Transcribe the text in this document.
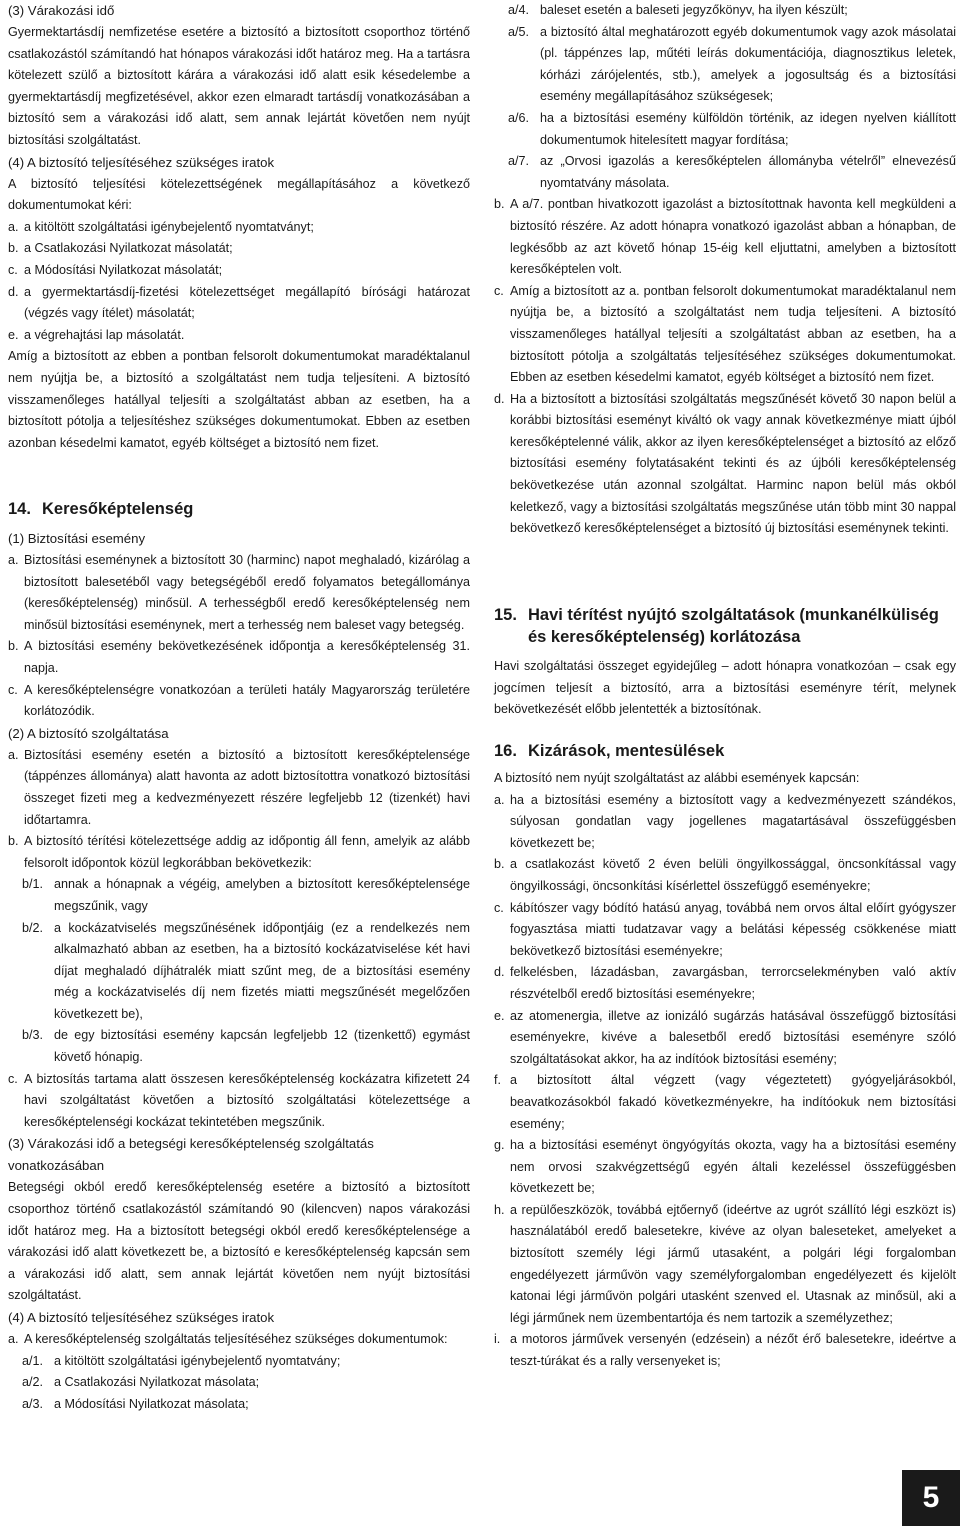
(3) Várakozási idő

Gyermektartásdíj nemfizetése esetére a biztosító a biztosított csoporthoz történő csatlakozástól számítandó hat hónapos várakozási időt határoz meg. Ha a tartásra kötelezett szülő a biztosított kárára a várakozási idő alatt esik késedelembe a gyermektartásdíj megfizetésével, akkor ezen elmaradt tartásdíj vonatkozásában a biztosító sem a várakozási idő alatt, sem annak lejártát követően nem nyújt biztosítási szolgáltatást.

(4) A biztosító teljesítéséhez szükséges iratok

A biztosító teljesítési kötelezettségének megállapításához a következő dokumentumokat kéri:

a. a kitöltött szolgáltatási igénybejelentő nyomtatványt;
b. a Csatlakozási Nyilatkozat másolatát;
c. a Módosítási Nyilatkozat másolatát;
d. a gyermektartásdíj-fizetési kötelezettséget megállapító bírósági határozat (végzés vagy ítélet) másolatát;
e. a végrehajtási lap másolatát.

Amíg a biztosított az ebben a pontban felsorolt dokumentumokat maradéktalanul nem nyújtja be, a biztosító a szolgáltatást nem tudja teljesíteni. A biztosító visszamenőleges hatállyal teljesíti a szolgáltatást abban az esetben, ha a biztosított pótolja a teljesítéshez szükséges dokumentumokat. Ebben az esetben azonban késedelmi kamatot, egyéb költséget a biztosító nem fizet.

14. Keresőképtelenség
(1) Biztosítási esemény
a. Biztosítási eseménynek a biztosított 30 (harminc) napot meghaladó, kizárólag a biztosított balesetéből vagy betegségéből eredő folyamatos betegállománya (keresőképtelenség) minősül. A terhességből eredő keresőképtelenség nem minősül biztosítási eseménynek, mert a terhesség nem baleset vagy betegség.
b. A biztosítási esemény bekövetkezésének időpontja a keresőképtelenség 31. napja.
c. A keresőképtelenségre vonatkozóan a területi hatály Magyarország területére korlátozódik.
(2) A biztosító szolgáltatása
a. Biztosítási esemény esetén a biztosító a biztosított keresőképtelensége (táppénzes állománya) alatt havonta az adott biztosítottra vonatkozó biztosítási összeget fizeti meg a kedvezményezett részére legfeljebb 12 (tizenkét) havi időtartamra.
b. A biztosító térítési kötelezettsége addig az időpontig áll fenn, amelyik az alább felsorolt időpontok közül legkorábban bekövetkezik:
b/1. annak a hónapnak a végéig, amelyben a biztosított keresőképtelensége megszűnik, vagy
b/2. a kockázatviselés megszűnésének időpontjáig (ez a rendelkezés nem alkalmazható abban az esetben, ha a biztosító kockázatviselése két havi díjat meghaladó díjhátralék miatt szűnt meg, de a biztosítási esemény még a kockázatviselés díj nem fizetés miatti megszűnését megelőzően következett be),
b/3. de egy biztosítási esemény kapcsán legfeljebb 12 (tizenkettő) egymást követő hónapig.
c. A biztosítás tartama alatt összesen keresőképtelenség kockázatra kifizetett 24 havi szolgáltatást követően a biztosító szolgáltatási kötelezettsége a keresőképtelenségi kockázat tekintetében megszűnik.
(3) Várakozási idő a betegségi keresőképtelenség szolgáltatás vonatkozásában

Betegségi okból eredő keresőképtelenség esetére a biztosító a biztosított csoporthoz történő csatlakozástól számítandó 90 (kilencven) napos várakozási időt határoz meg. Ha a biztosított betegségi okból eredő keresőképtelensége a várakozási idő alatt következett be, a biztosító e keresőképtelenség kapcsán sem a várakozási idő alatt, sem annak lejártát követően nem nyújt biztosítási szolgáltatást.

(4) A biztosító teljesítéséhez szükséges iratok
a. A keresőképtelenség szolgáltatás teljesítéséhez szükséges dokumentumok:
a/1. a kitöltött szolgáltatási igénybejelentő nyomtatvány;
a/2. a Csatlakozási Nyilatkozat másolata;
a/3. a Módosítási Nyilatkozat másolata;
a/4. baleset esetén a baleseti jegyzőkönyv, ha ilyen készült;
a/5. a biztosító által meghatározott egyéb dokumentumok vagy azok másolatai (pl. táppénzes lap, műtéti leírás dokumentációja, diagnosztikus leletek, kórházi zárójelentés, stb.), amelyek a jogosultság és a biztosítási esemény megállapításához szükségesek;
a/6. ha a biztosítási esemény külföldön történik, az idegen nyelven kiállított dokumentumok hitelesített magyar fordítása;
a/7. az „Orvosi igazolás a keresőképtelen állományba vételről” elnevezésű nyomtatvány másolata.
b. A a/7. pontban hivatkozott igazolást a biztosítottnak havonta kell megküldeni a biztosító részére. Az adott hónapra vonatkozó igazolást abban a hónapban, de legkésőbb az azt követő hónap 15-éig kell eljuttatni, amelyben a biztosított keresőképtelen volt.
c. Amíg a biztosított az a. pontban felsorolt dokumentumokat maradéktalanul nem nyújtja be, a biztosító a szolgáltatást nem tudja teljesíteni. A biztosító visszamenőleges hatállyal teljesíti a szolgáltatást abban az esetben, ha a biztosított pótolja a szolgáltatás teljesítéséhez szükséges dokumentumokat. Ebben az esetben késedelmi kamatot, egyéb költséget a biztosító nem fizet.
d. Ha a biztosított a biztosítási szolgáltatás megszűnését követő 30 napon belül a korábbi biztosítási eseményt kiváltó ok vagy annak következménye miatt újból keresőképtelenné válik, akkor az ilyen keresőképtelenséget a biztosító az előző biztosítási esemény folytatásaként tekinti és az újbóli keresőképtelenség bekövetkezése után azonnal szolgáltat. Harminc napon belül más okból keletkező, vagy a biztosítási szolgáltatás megszűnése után több mint 30 nappal bekövetkező keresőképtelenséget a biztosító új biztosítási eseménynek tekinti.
15. Havi térítést nyújtó szolgáltatások (munkanélküliség és keresőképtelenség) korlátozása

Havi szolgáltatási összeget egyidejűleg – adott hónapra vonatkozóan – csak egy jogcímen teljesít a biztosító, arra a biztosítási eseményre térít, melynek bekövetkezését előbb jelentették a biztosítónak.

16. Kizárások, mentesülések

A biztosító nem nyújt szolgáltatást az alábbi események kapcsán:

a. ha a biztosítási esemény a biztosított vagy a kedvezményezett szándékos, súlyosan gondatlan vagy jogellenes magatartásával összefüggésben következett be;
b. a csatlakozást követő 2 éven belüli öngyilkossággal, öncsonkítással vagy öngyilkossági, öncsonkítási kísérlettel összefüggő eseményekre;
c. kábítószer vagy bódító hatású anyag, továbbá nem orvos által előírt gyógyszer fogyasztása miatti tudatzavar vagy a belátási képesség csökkenése miatt bekövetkező biztosítási eseményekre;
d. felkelésben, lázadásban, zavargásban, terrorcselekményben való aktív részvételből eredő biztosítási eseményekre;
e. az atomenergia, illetve az ionizáló sugárzás hatásával összefüggő biztosítási eseményekre, kivéve a balesetből eredő biztosítási eseményre szóló szolgáltatásokat akkor, ha az indítóok biztosítási esemény;
f. a biztosított által végzett (vagy végeztetett) gyógyeljárásokból, beavatkozásokból fakadó következményekre, ha indítóokuk nem biztosítási esemény;
g. ha a biztosítási eseményt öngyógyítás okozta, vagy ha a biztosítási esemény nem orvosi szakvégzettségű egyén általi kezeléssel összefüggésben következett be;
h. a repülőeszközök, továbbá ejtőernyő (ideértve az ugrót szállító légi eszközt is) használatából eredő balesetekre, kivéve az olyan baleseteket, amelyeket a biztosított személy légi jármű utasaként, a polgári légi forgalomban engedélyezett járművön vagy személyforgalomban engedélyezett és kijelölt katonai légi járművön polgári utasként szenved el. Utasnak az minősül, aki a légi járműnek nem üzembentartója és nem tartozik a személyzethez;
i. a motoros járművek versenyén (edzésein) a nézőt érő balesetekre, ideértve a teszt-túrákat és a rally versenyeket is;
5
